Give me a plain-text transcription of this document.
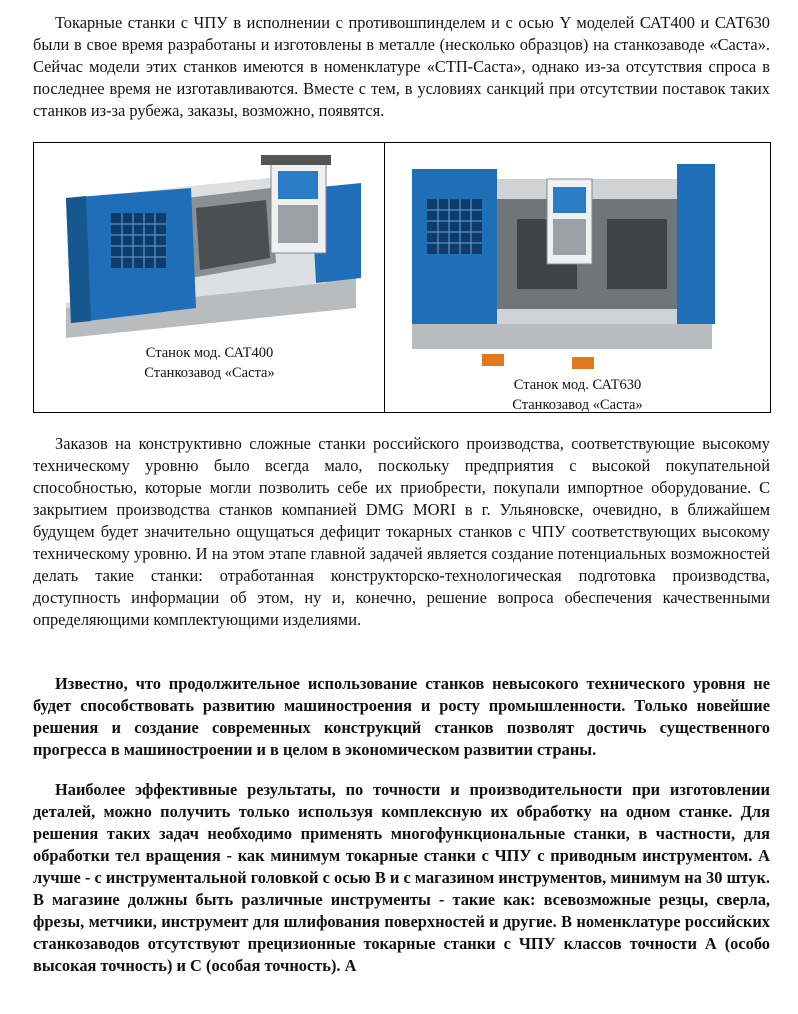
Токарные станки с ЧПУ в исполнении с противошпинделем и с осью Y моделей САТ400 и САТ630 были в свое время разработаны и изготовлены в металле (несколько образцов) на станкозаводе «Саста». Сейчас модели этих станков имеются в номенклатуре «СТП-Саста», однако из-за отсутствия спроса в последнее время не изготавливаются. Вместе с тем, в условиях санкций при отсутствии поставок таких станков из-за рубежа, заказы, возможно, появятся.

Станок мод. САТ400
Станкозавод «Саста»
Станок мод. САТ630
Станкозавод «Саста»

Заказов на конструктивно сложные станки российского производства, соответствующие высокому техническому уровню было всегда мало, поскольку предприятия с высокой покупательной способностью, которые могли позволить себе их приобрести, покупали импортное оборудование. С закрытием производства станков компанией DMG MORI в г. Ульяновске, очевидно, в ближайшем будущем будет значительно ощущаться дефицит токарных станков с ЧПУ соответствующих высокому техническому уровню. И на этом этапе главной задачей является создание потенциальных возможностей делать такие станки: отработанная конструкторско-технологическая подготовка производства, доступность информации об этом, ну и, конечно, решение вопроса обеспечения качественными определяющими комплектующими изделиями.

Известно, что продолжительное использование станков невысокого технического уровня не будет способствовать развитию машиностроения и росту промышленности. Только новейшие решения и создание современных конструкций станков позволят достичь существенного прогресса в машиностроении и в целом в экономическом развитии страны.

Наиболее эффективные результаты, по точности и производительности при изготовлении деталей, можно получить только используя комплексную их обработку на одном станке. Для решения таких задач необходимо применять многофункциональные станки, в частности, для обработки тел вращения - как минимум токарные станки с ЧПУ с приводным инструментом. А лучше - с инструментальной головкой с осью В и с магазином инструментов, минимум на 30 штук. В магазине должны быть различные инструменты - такие как: всевозможные резцы, сверла, фрезы, метчики, инструмент для шлифования поверхностей и другие. В номенклатуре российских станкозаводов отсутствуют прецизионные токарные станки с ЧПУ классов точности А (особо высокая точность) и С (особая точность). А
